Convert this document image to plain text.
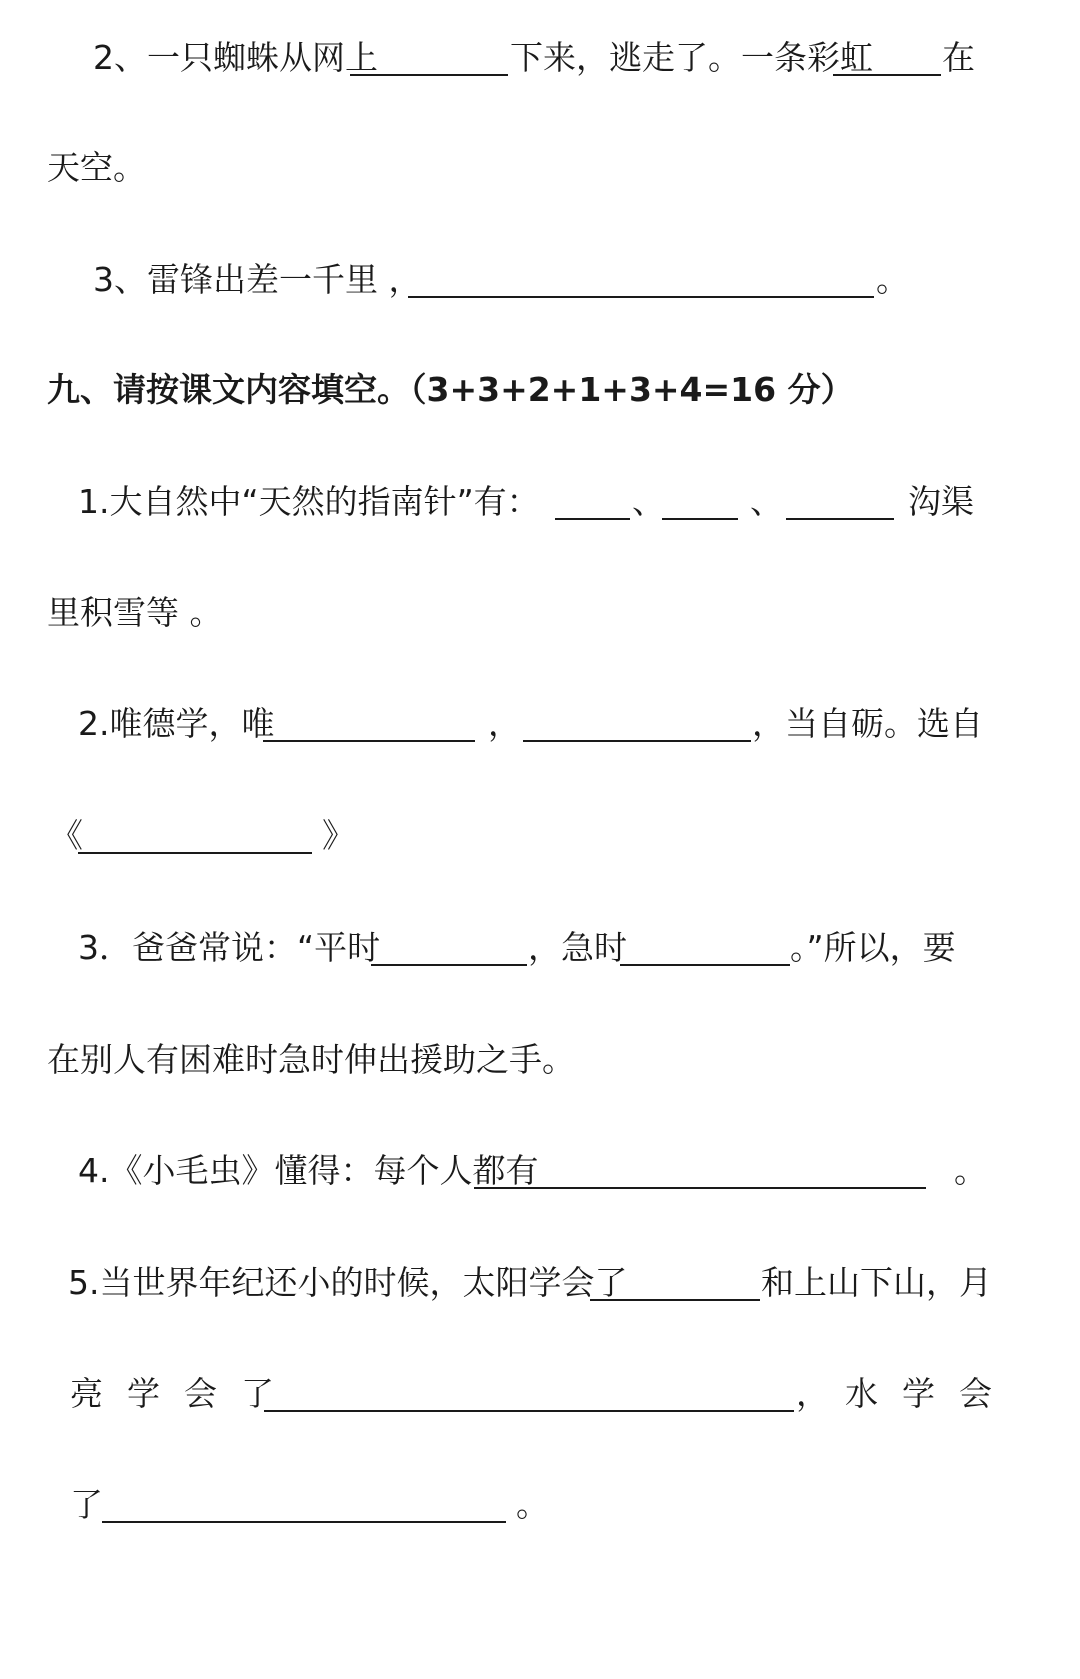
2、一只蜘蛛从网上	下来，逃走了。一条彩虹 在
天空。
3、雷锋出差一千里 ，	。
九、请按课文内容填空。（3+3+2+1+3+4=16 分）
1.大自然中“天然的指南针”有：	、	、	沟渠
里积雪等 。
2.唯德学，唯	，	，当自砺。选自
《	》
3．爸爸常说：“平时	，急时	。”所以，要
在别人有困难时急时伸出援助之手。
4.《小毛虫》懂得：每个人都有	。
5.当世界年纪还小的时候，太阳学会了	和上山下山，月
亮学会了	， 水学会
了	。
